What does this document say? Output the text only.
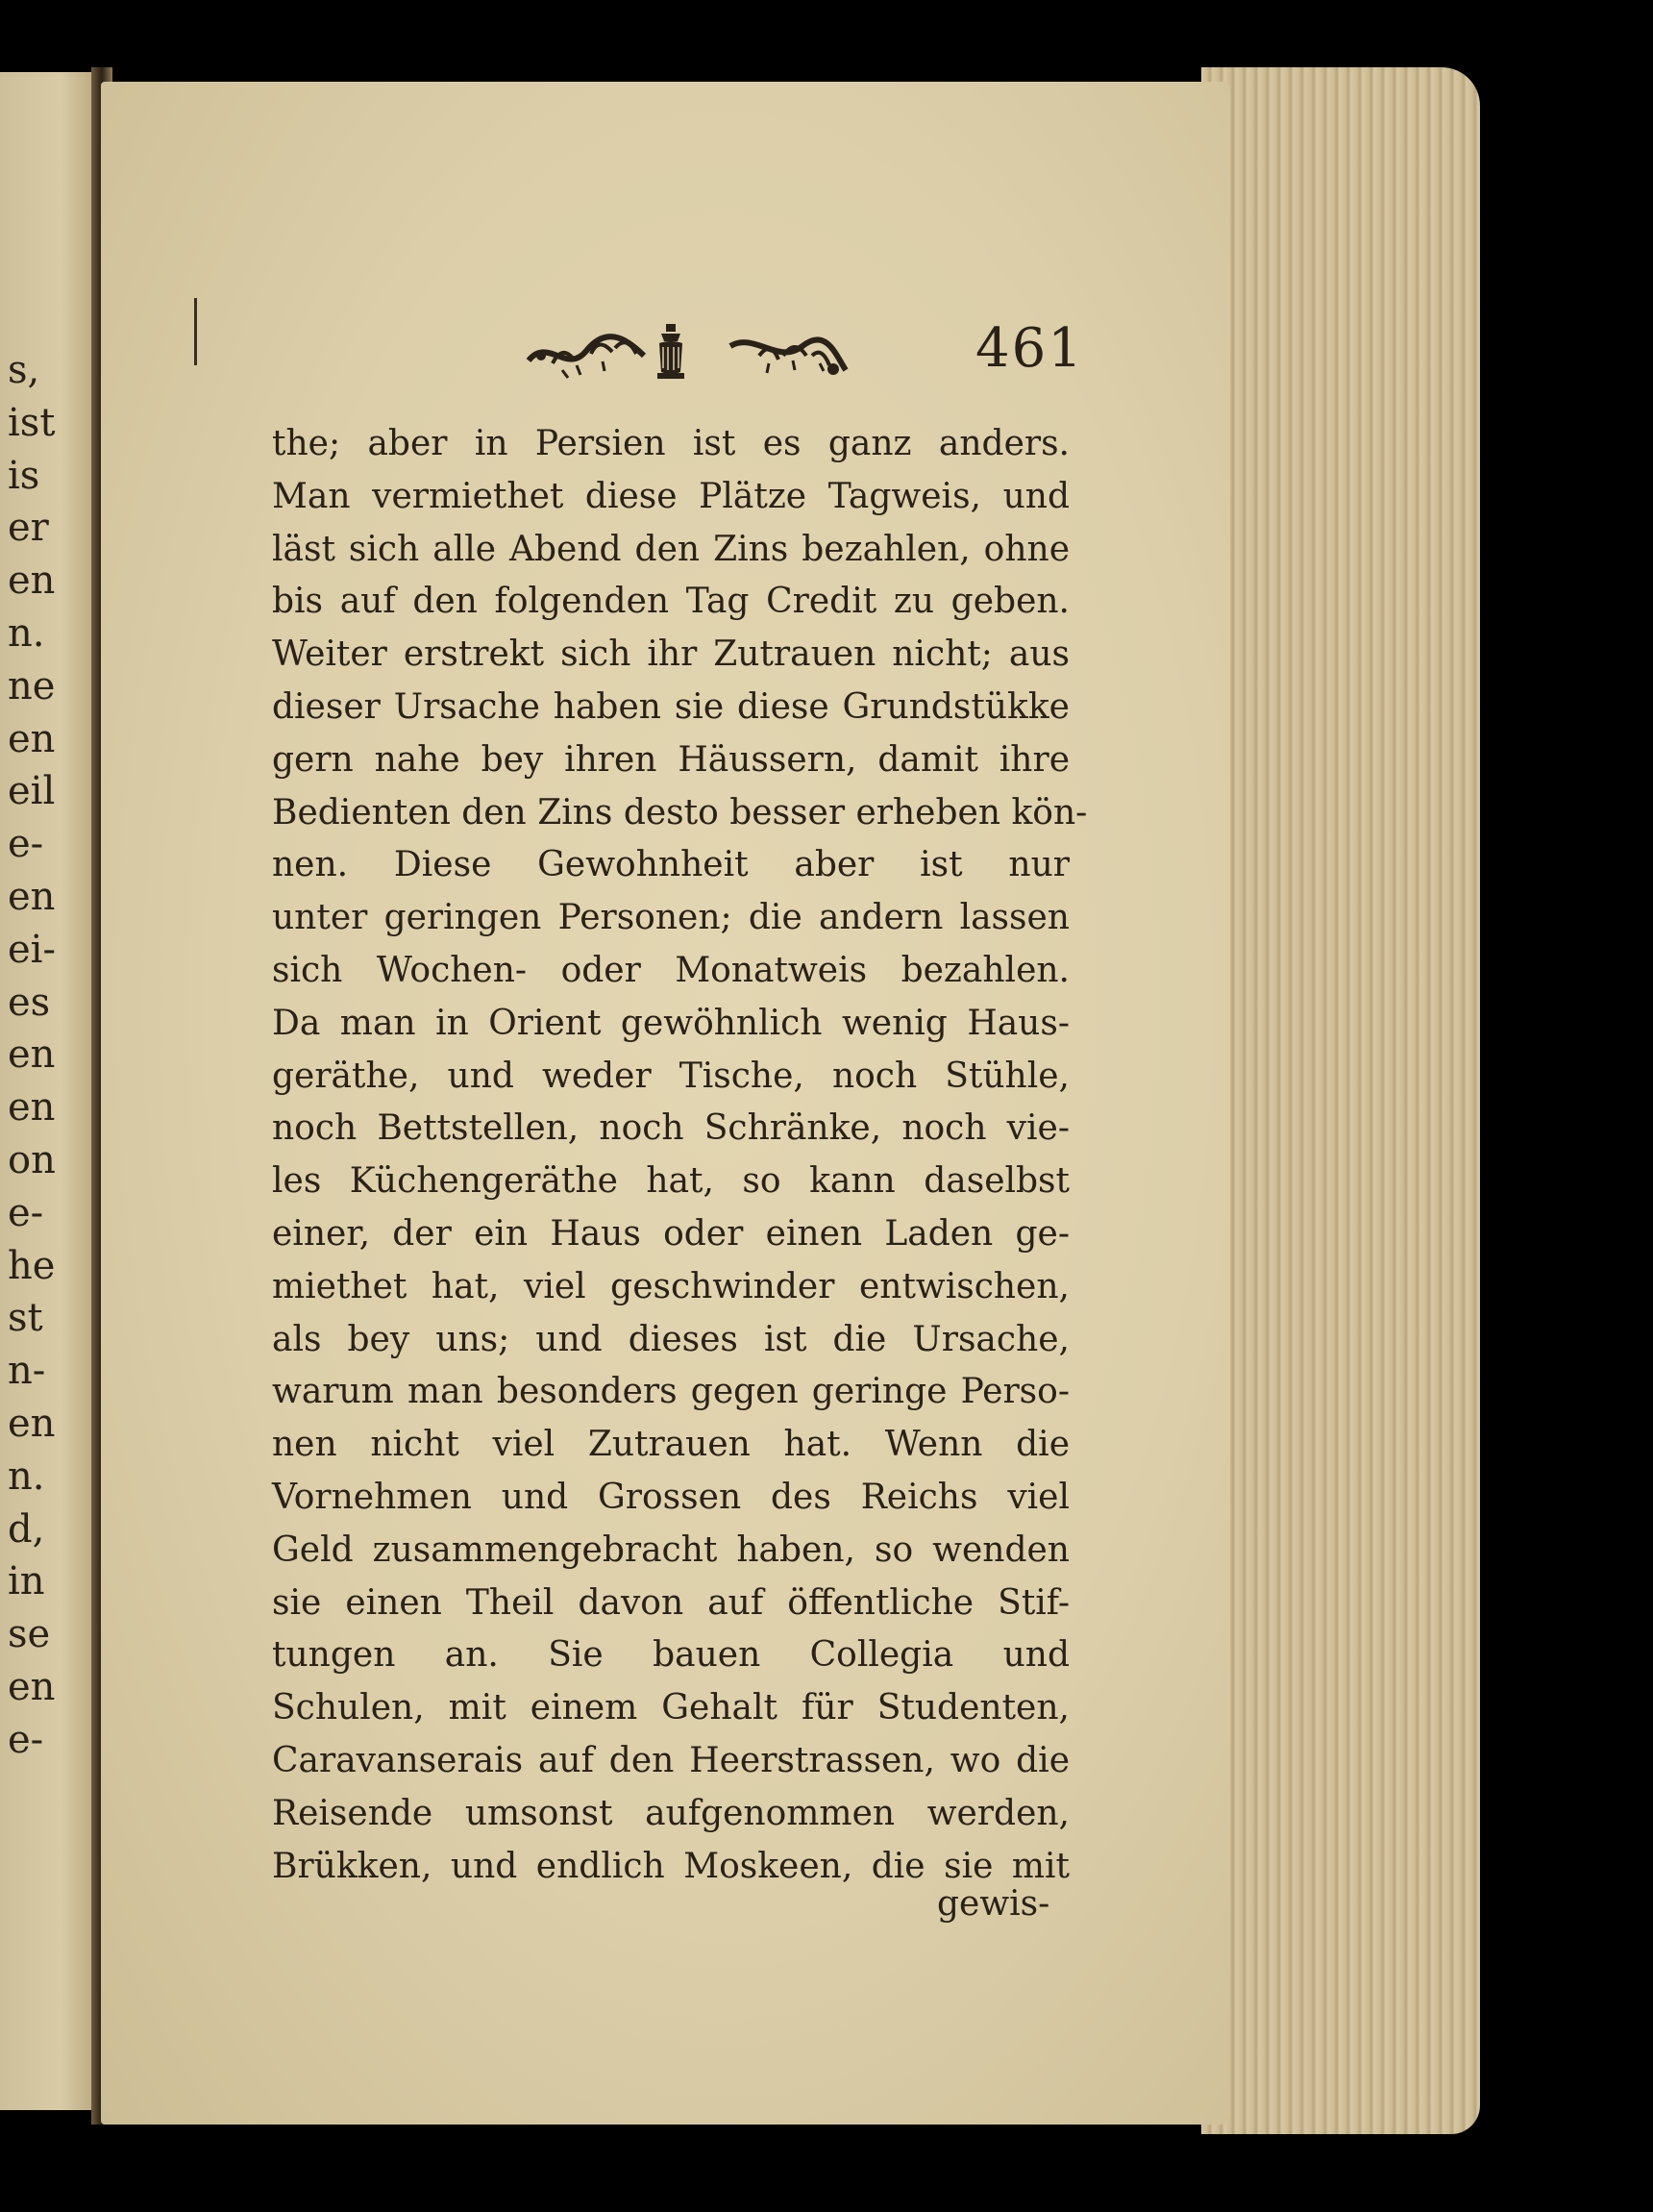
s,
ist
is
er
en
n.
ne
en
eil
e-
en
ei-
es
en
en
on
e-
he
st
n-
en
n.
d,
in
se
en
e-
461
the; aber in Persien ist es ganz anders.
Man vermiethet diese Plätze Tagweis, und
läst sich alle Abend den Zins bezahlen, ohne
bis auf den folgenden Tag Credit zu geben.
Weiter erstrekt sich ihr Zutrauen nicht; aus
dieser Ursache haben sie diese Grundstükke
gern nahe bey ihren Häussern, damit ihre
Bedienten den Zins desto besser erheben kön-
nen. Diese Gewohnheit aber ist nur
unter geringen Personen; die andern lassen
sich Wochen- oder Monatweis bezahlen.
Da man in Orient gewöhnlich wenig Haus-
geräthe, und weder Tische, noch Stühle,
noch Bettstellen, noch Schränke, noch vie-
les Küchengeräthe hat, so kann daselbst
einer, der ein Haus oder einen Laden ge-
miethet hat, viel geschwinder entwischen,
als bey uns; und dieses ist die Ursache,
warum man besonders gegen geringe Perso-
nen nicht viel Zutrauen hat. Wenn die
Vornehmen und Grossen des Reichs viel
Geld zusammengebracht haben, so wenden
sie einen Theil davon auf öffentliche Stif-
tungen an. Sie bauen Collegia und
Schulen, mit einem Gehalt für Studenten,
Caravanserais auf den Heerstrassen, wo die
Reisende umsonst aufgenommen werden,
Brükken, und endlich Moskeen, die sie mit
gewis-
